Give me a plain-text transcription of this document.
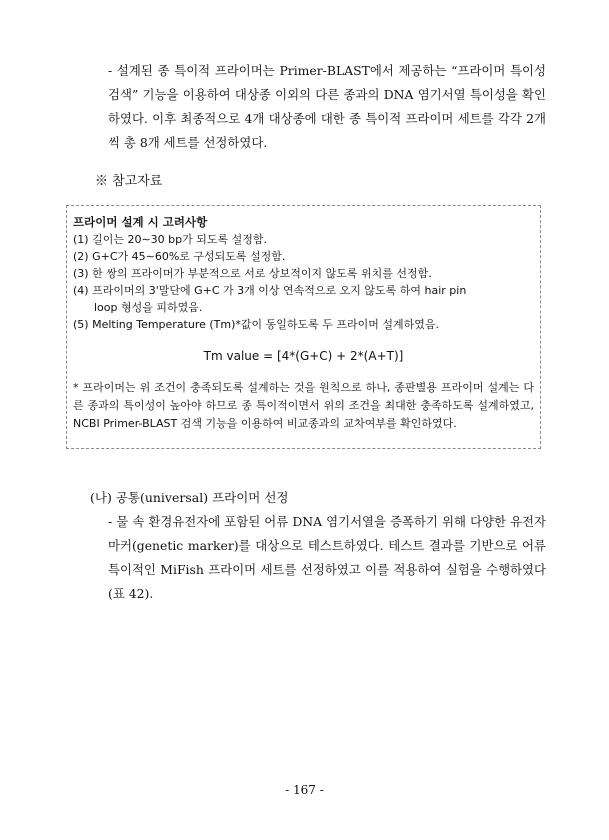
- 설계된 종 특이적 프라이머는 Primer-BLAST에서 제공하는 “프라이머 특이성 검색” 기능을 이용하여 대상종 이외의 다른 종과의 DNA 염기서열 특이성을 확인하였다. 이후 최종적으로 4개 대상종에 대한 종 특이적 프라이머 세트를 각각 2개씩 총 8개 세트를 선정하였다.
※ 참고자료
프라이머 설계 시 고려사항
(1) 길이는 20∼30 bp가 되도록 설정함.
(2) G+C가 45∼60%로 구성되도록 설정함.
(3) 한 쌍의 프라이머가 부분적으로 서로 상보적이지 않도록 위치를 선정함.
(4) 프라이머의 3'말단에 G+C 가 3개 이상 연속적으로 오지 않도록 하여 hair pin
loop 형성을 피하였음.
(5) Melting Temperature (Tm)*값이 동일하도록 두 프라이머 설계하였음.
Tm value = [4*(G+C) + 2*(A+T)]
* 프라이머는 위 조건이 충족되도록 설계하는 것을 원칙으로 하나, 종판별용 프라이머 설계는 다른 종과의 특이성이 높아야 하므로 종 특이적이면서 위의 조건을 최대한 충족하도록 설계하였고, NCBI Primer-BLAST 검색 기능을 이용하여 비교종과의 교차여부를 확인하였다.
(나) 공통(universal) 프라이머 선정
- 물 속 환경유전자에 포함된 어류 DNA 염기서열을 증폭하기 위해 다양한 유전자 마커(genetic marker)를 대상으로 테스트하였다. 테스트 결과를 기반으로 어류 특이적인 MiFish 프라이머 세트를 선정하였고 이를 적용하여 실험을 수행하였다(표 42).
- 167 -
